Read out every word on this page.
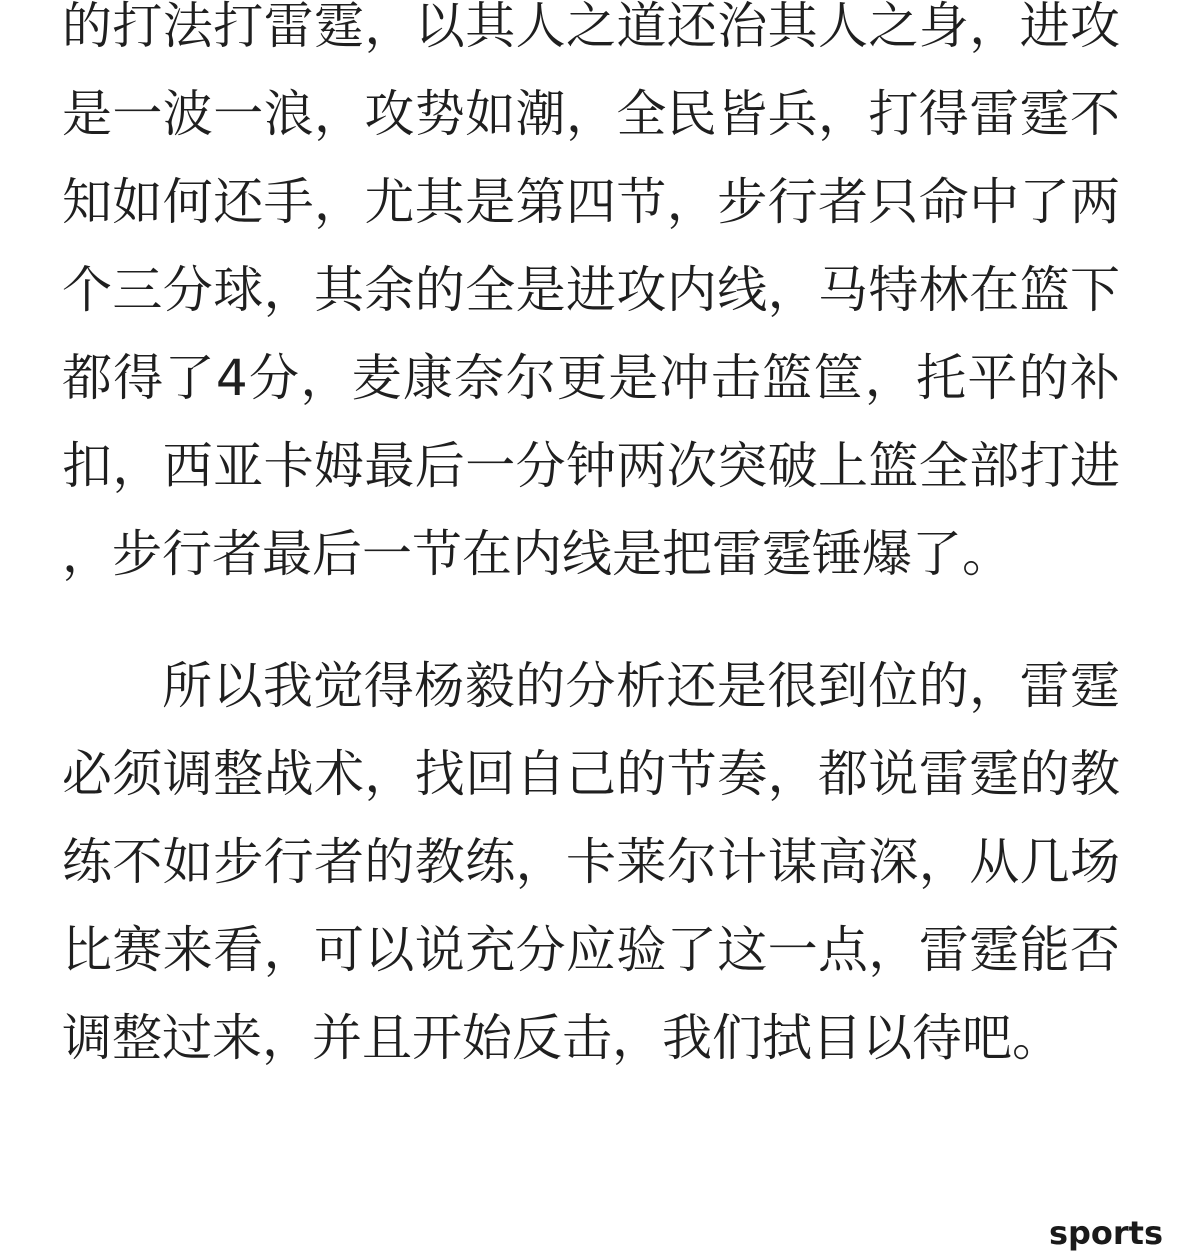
的打法打雷霆，以其人之道还治其人之身，进攻是一波一浪，攻势如潮，全民皆兵，打得雷霆不知如何还手，尤其是第四节，步行者只命中了两个三分球，其余的全是进攻内线，马特林在篮下都得了4分，麦康奈尔更是冲击篮筐，托平的补扣，西亚卡姆最后一分钟两次突破上篮全部打进，步行者最后一节在内线是把雷霆锤爆了。

所以我觉得杨毅的分析还是很到位的，雷霆必须调整战术，找回自己的节奏，都说雷霆的教练不如步行者的教练，卡莱尔计谋高深，从几场比赛来看，可以说充分应验了这一点，雷霆能否调整过来，并且开始反击，我们拭目以待吧。

sports
